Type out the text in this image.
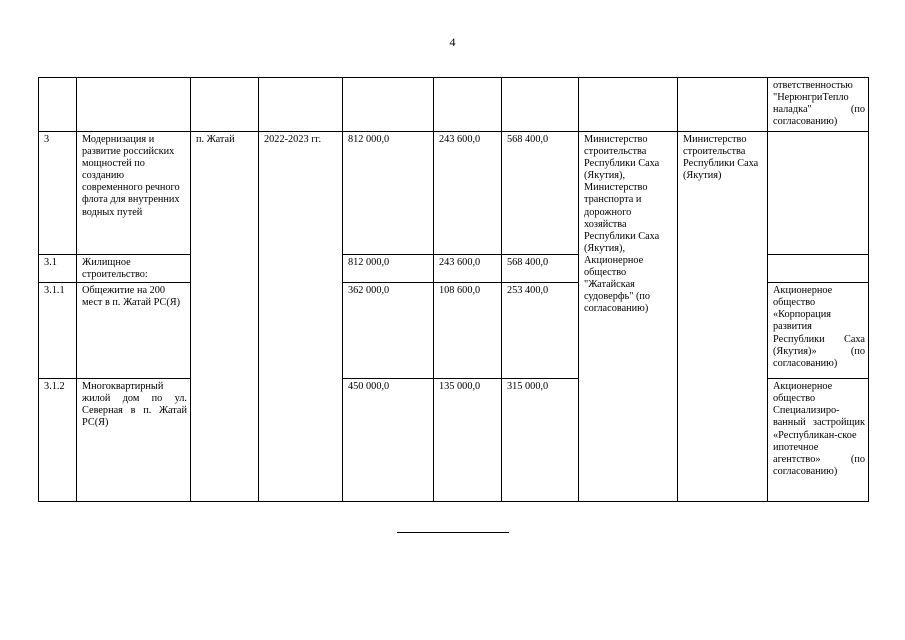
4
									ответственностью "НерюнгриТепло наладка" (по согласованию)
3	Модернизация и развитие российских мощностей по созданию современного речного флота для внутренних водных путей	п. Жатай	2022-2023 гг.	812 000,0	243 600,0	568 400,0	Министерство строительства Республики Саха (Якутия), Министерство транспорта и дорожного хозяйства Республики Саха (Якутия), Акционерное общество "Жатайская судоверфь" (по согласованию)	Министерство строительства Республики Саха (Якутия)	
3.1	Жилищное строительство:			812 000,0	243 600,0	568 400,0			
3.1.1	Общежитие на 200 мест в п. Жатай РС(Я)			362 000,0	108 600,0	253 400,0			Акционерное общество «Корпорация развития Республики Саха (Якутия)» (по согласованию)
3.1.2	Многоквартирный жилой дом по ул. Северная в п. Жатай РС(Я)			450 000,0	135 000,0	315 000,0			Акционерное общество Специализиро-ванный застройщик «Республикан-ское ипотечное агентство» (по согласованию)
